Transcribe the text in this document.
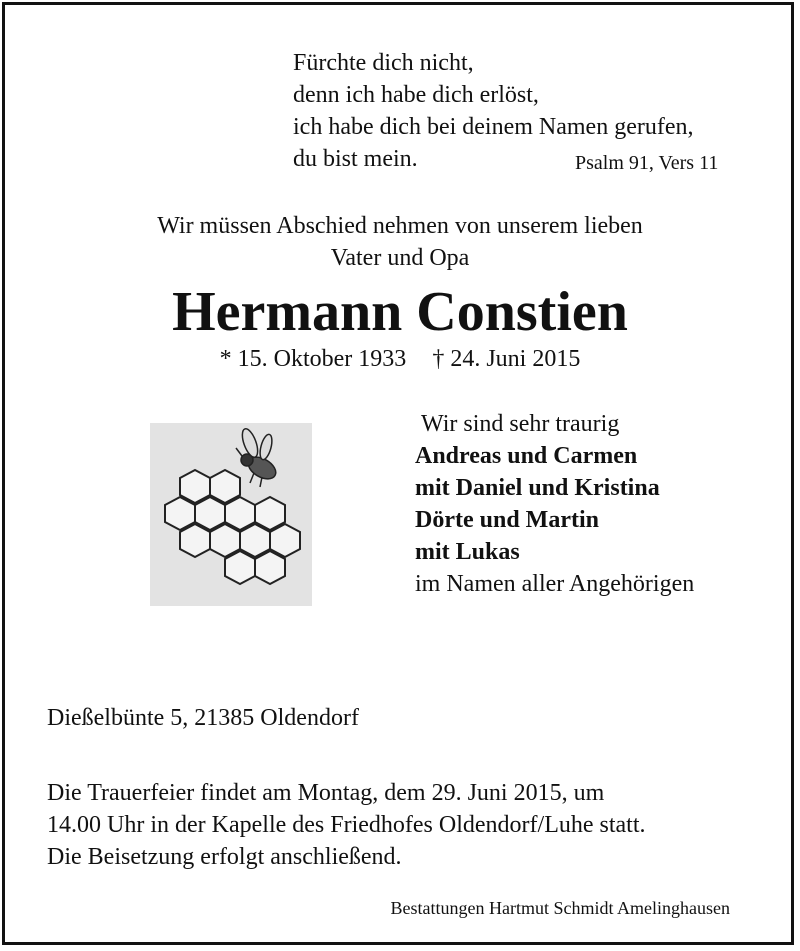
Fürchte dich nicht,
denn ich habe dich erlöst,
ich habe dich bei deinem Namen gerufen,
du bist mein.	Psalm 91, Vers 11
Wir müssen Abschied nehmen von unserem lieben
Vater und Opa
Hermann Constien
* 15. Oktober 1933 † 24. Juni 2015
Wir sind sehr traurig
Andreas und Carmen
mit Daniel und Kristina
Dörte und Martin
mit Lukas
im Namen aller Angehörigen
Dießelbünte 5, 21385 Oldendorf
Die Trauerfeier findet am Montag, dem 29. Juni 2015, um
14.00 Uhr in der Kapelle des Friedhofes Oldendorf/Luhe statt.
Die Beisetzung erfolgt anschließend.
Bestattungen Hartmut Schmidt Amelinghausen
